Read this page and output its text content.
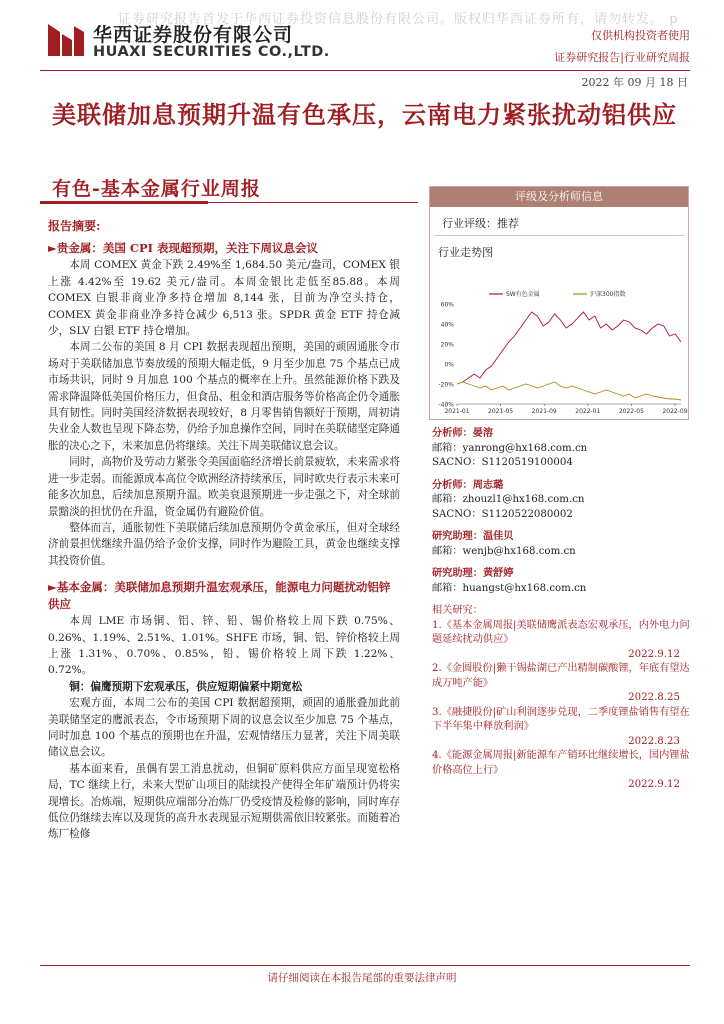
证券研究报告首发于华西证券投资信息股份有限公司。版权归华西证券所有，请勿转发。 p
华西证券股份有限公司
HUAXI SECURITIES CO.,LTD.
仅供机构投资者使用
证券研究报告|行业研究周报
2022 年 09 月 18 日
美联储加息预期升温有色承压，云南电力紧张扰动铝供应
有色-基本金属行业周报
报告摘要:
►贵金属：美国 CPI 表现超预期，关注下周议息会议

本周 COMEX 黄金下跌 2.49%至 1,684.50 美元/盎司，COMEX 银上涨 4.42%至 19.62 美元/盎司。本周金银比走低至85.88。本周 COMEX 白银非商业净多持仓增加 8,144 张，目前为净空头持仓，COMEX 黄金非商业净多持仓减少 6,513 张。SPDR 黄金 ETF 持仓减少，SLV 白银 ETF 持仓增加。

本周二公布的美国 8 月 CPI 数据表现超出预期，美国的顽固通胀令市场对于美联储加息节奏放缓的预期大幅走低，9 月至少加息 75 个基点已成市场共识，同时 9 月加息 100 个基点的概率在上升。虽然能源价格下跌及需求降温降低美国价格压力，但食品、租金和酒店服务等价格高企仍令通胀具有韧性。同时美国经济数据表现较好，8 月零售销售额好于预期，周初请失业金人数也呈现下降态势，仍给予加息操作空间，同时在美联储坚定降通胀的决心之下，未来加息仍将继续。关注下周美联储议息会议。

同时，高物价及劳动力紧张令美国面临经济增长前景疲软，未来需求将进一步走弱。而能源成本高位令欧洲经济持续承压，同时欧央行表示未来可能多次加息，后续加息预期升温。欧美衰退预期进一步走强之下，对全球前景黯淡的担忧仍在升温，资金属仍有避险价值。

整体而言，通胀韧性下美联储后续加息预期仍令黄金承压，但对全球经济前景担忧继续升温仍给予金价支撑，同时作为避险工具，黄金也继续支撑其投资价值。

►基本金属：美联储加息预期升温宏观承压，能源电力问题扰动铝锌供应

本周 LME 市场铜、铝、锌、铅、锡价格较上周下跌 0.75%、0.26%、1.19%、2.51%、1.01%。SHFE 市场，铜、铝、锌价格较上周上涨 1.31%、0.70%、0.85%，铅、锡价格较上周下跌 1.22%、0.72%。

铜：偏鹰预期下宏观承压，供应短期偏紧中期宽松

宏观方面，本周二公布的美国 CPI 数据超预期，顽固的通胀叠加此前美联储坚定的鹰派表态，令市场预期下周的议息会议至少加息 75 个基点，同时加息 100 个基点的预期也在升温，宏观情绪压力显著，关注下周美联储议息会议。

基本面来看，虽偶有罢工消息扰动，但铜矿原料供应方面呈现宽松格局，TC 继续上行，未来大型矿山项目的陆续投产使得全年矿端预计仍将实现增长。冶炼端，短期供应端部分冶炼厂仍受疫情及检修的影响，同时库存低位仍继续去库以及现货的高升水表现显示短期供需依旧较紧张。而随着冶炼厂检修

评级及分析师信息
行业评级：推荐
行业走势图
60%
40%
20%
0%
-20%
-40%
2021-01	2021-05	2021-09	2022-01	2022-05	2022-09
SW有色金属	沪深300指数
分析师：晏溶
邮箱：yanrong@hx168.com.cn
SACNO：S1120519100004
分析师：周志璐
邮箱：zhouzl1@hx168.com.cn
SACNO：S1120522080002
研究助理：温佳贝
邮箱：wenjb@hx168.com.cn
研究助理：黄舒婷
邮箱：huangst@hx168.com.cn
相关研究：
1.《基本金属周报|美联储鹰派表态宏观承压，内外电力问题延续扰动供应》
2022.9.12
2.《金圆股份|獭干锡盐湖已产出精制碳酸锂，年底有望达成万吨产能》
2022.8.25
3.《融捷股份|矿山利润逐步兑现，二季度锂盐销售有望在下半年集中释放利润》
2022.8.23
4.《能源金属周报|新能源车产销环比继续增长，国内锂盐价格高位上行》
2022.9.12
请仔细阅读在本报告尾部的重要法律声明
